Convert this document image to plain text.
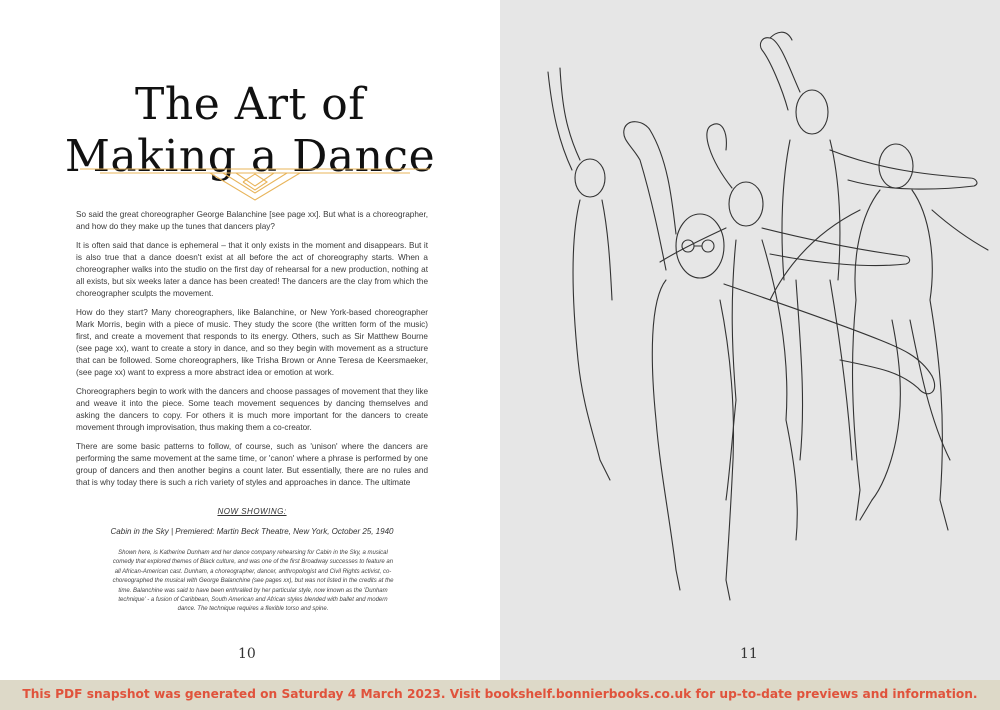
The Art of
Making a Dance

So said the great choreographer George Balanchine [see page xx]. But what is a choreographer, and how do they make up the tunes that dancers play?

It is often said that dance is ephemeral – that it only exists in the moment and disappears. But it is also true that a dance doesn't exist at all before the act of choreography starts. When a choreographer walks into the studio on the first day of rehearsal for a new production, nothing at all exists, but six weeks later a dance has been created! The dancers are the clay from which the choreographer sculpts the movement.

How do they start? Many choreographers, like Balanchine, or New York-based choreographer Mark Morris, begin with a piece of music. They study the score (the written form of the music) first, and create a movement that responds to its energy. Others, such as Sir Matthew Bourne (see page xx), want to create a story in dance, and so they begin with movement as a structure that can be followed. Some choreographers, like Trisha Brown or Anne Teresa de Keersmaeker, (see page xx) want to express a more abstract idea or emotion at work.

Choreographers begin to work with the dancers and choose passages of movement that they like and weave it into the piece. Some teach movement sequences by dancing themselves and asking the dancers to copy. For others it is much more important for the dancers to create movement through improvisation, thus making them a co-creator.

There are some basic patterns to follow, of course, such as 'unison' where the dancers are performing the same movement at the same time, or 'canon' where a phrase is performed by one group of dancers and then another begins a count later. But essentially, there are no rules and that is why today there is such a rich variety of styles and approaches in dance. The ultimate

NOW SHOWING:
Cabin in the Sky | Premiered: Martin Beck Theatre, New York, October 25, 1940
Shown here, is Katherine Dunham and her dance company rehearsing for Cabin in the Sky, a musical comedy that explored themes of Black culture, and was one of the first Broadway successes to feature an all African-American cast. Dunham, a choreographer, dancer, anthropologist and Civil Rights activist, co-choreographed the musical with George Balanchine (see pages xx), but was not listed in the credits at the time. Balanchine was said to have been enthralled by her particular style, now known as the 'Dunham technique' - a fusion of Caribbean, South American and African styles blended with ballet and modern dance. The technique requires a flexible torso and spine.
10	11
This PDF snapshot was generated on Saturday 4 March 2023. Visit bookshelf.bonnierbooks.co.uk for up-to-date previews and information.
